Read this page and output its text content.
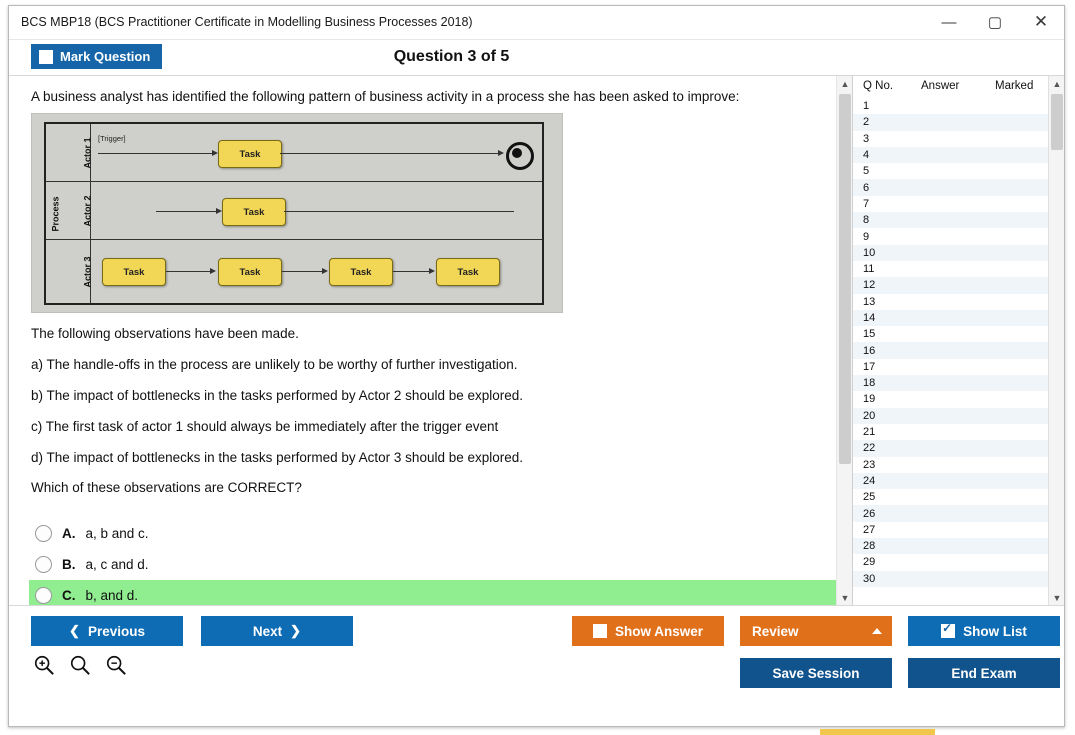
BCS MBP18 (BCS Practitioner Certificate in Modelling Business Processes 2018)	—	▢	✕
Mark Question	Question 3 of 5
A business analyst has identified the following pattern of business activity in a process she has been asked to improve:
Process
Actor 1 [Trigger]
Task
Actor 2	Task
Actor 3	Task	Task	Task	Task
The following observations have been made.
a) The handle-offs in the process are unlikely to be worthy of further investigation.
b) The impact of bottlenecks in the tasks performed by Actor 2 should be explored.
c) The first task of actor 1 should always be immediately after the trigger event
d) The impact of bottlenecks in the tasks performed by Actor 3 should be explored.
Which of these observations are CORRECT?
A. a, b and c.
B. a, c and d.
C. b, and d.
▲
▼
Q No. Answer	Marked
1
2
3
4
5
6
7
8
9
10
11
12
13
14
15
16
17
18
19
20
21
22
23
24
25
26
27
28
29
30
▲
▼
❮ Previous	Next ❯	Show Answer	Review ✓	Show List
Save Session	End Exam
